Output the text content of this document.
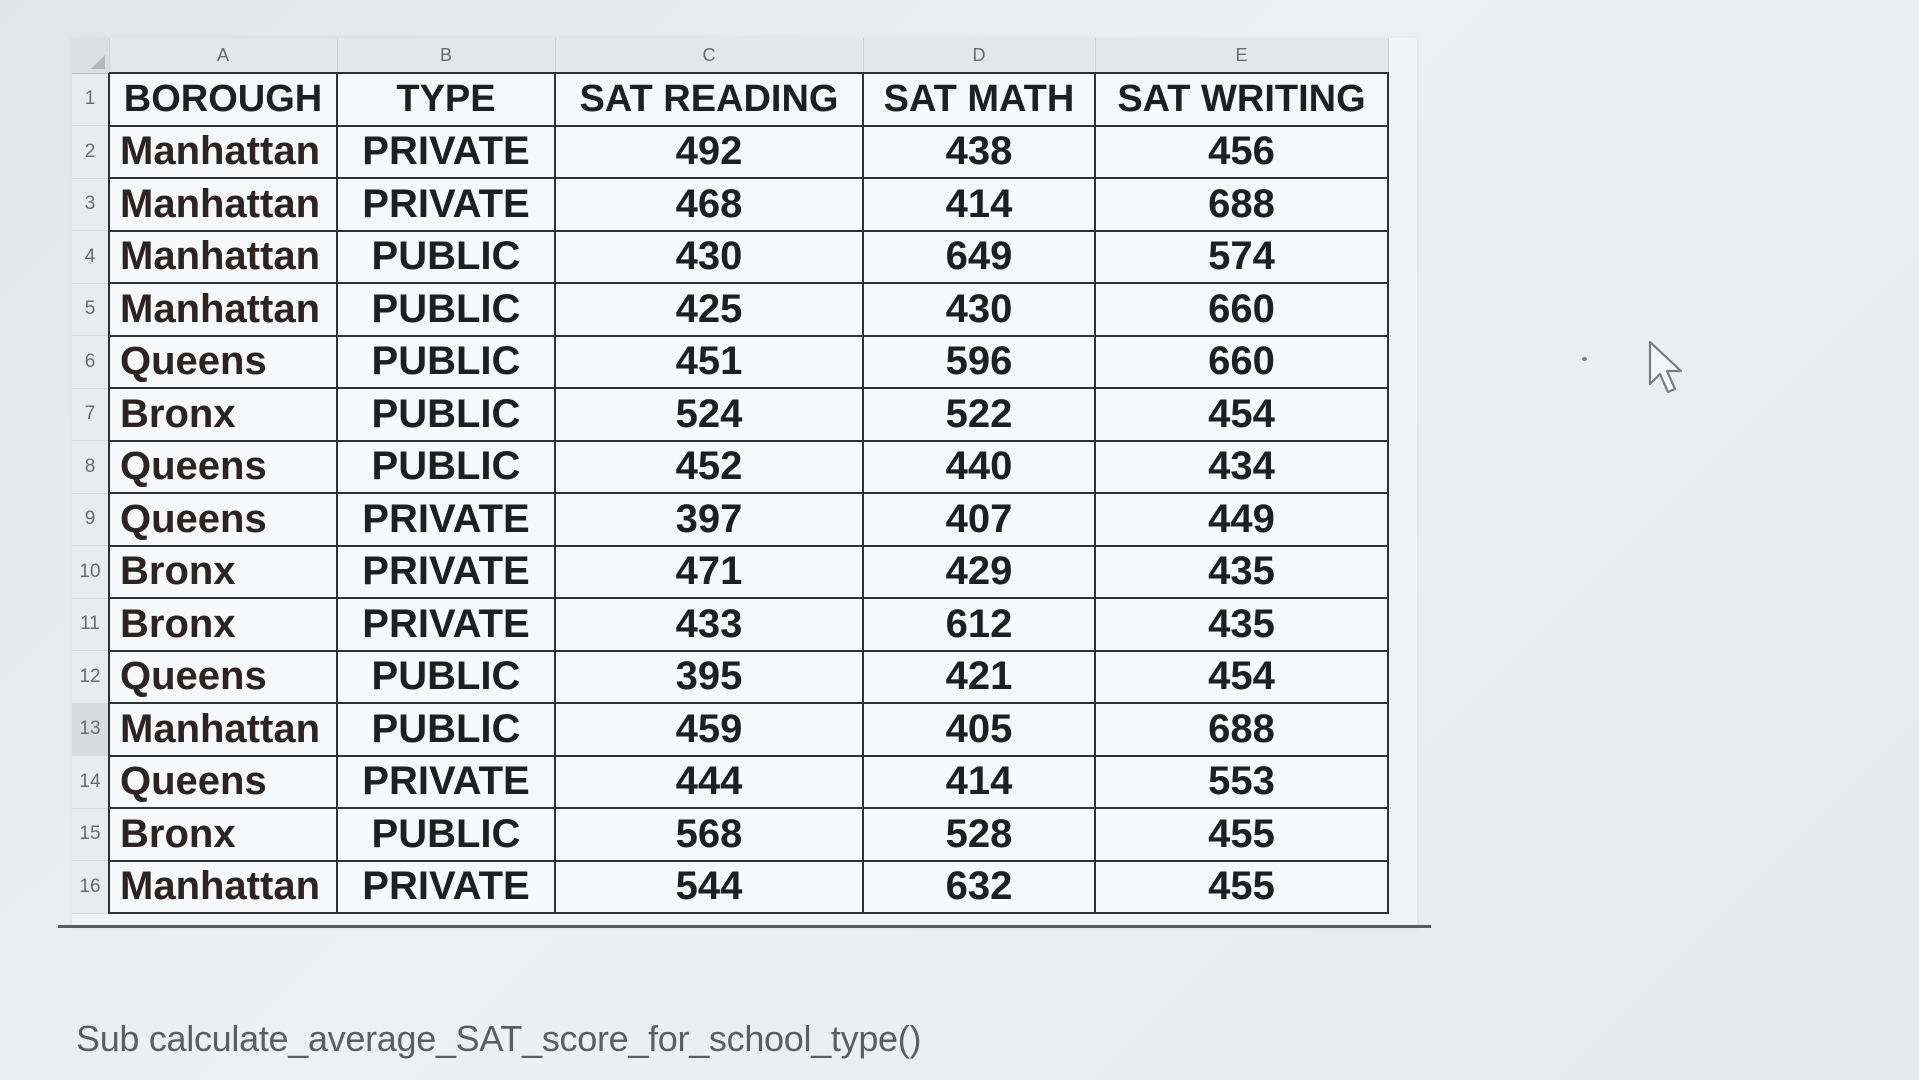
	A	B	C	D	E
1	BOROUGH	TYPE	SAT READING	SAT MATH	SAT WRITING
2	Manhattan	PRIVATE	492	438	456
3	Manhattan	PRIVATE	468	414	688
4	Manhattan	PUBLIC	430	649	574
5	Manhattan	PUBLIC	425	430	660
6	Queens	PUBLIC	451	596	660
7	Bronx	PUBLIC	524	522	454
8	Queens	PUBLIC	452	440	434
9	Queens	PRIVATE	397	407	449
10	Bronx	PRIVATE	471	429	435
11	Bronx	PRIVATE	433	612	435
12	Queens	PUBLIC	395	421	454
13	Manhattan	PUBLIC	459	405	688
14	Queens	PRIVATE	444	414	553
15	Bronx	PUBLIC	568	528	455
16	Manhattan	PRIVATE	544	632	455
Sub calculate_average_SAT_score_for_school_type()
